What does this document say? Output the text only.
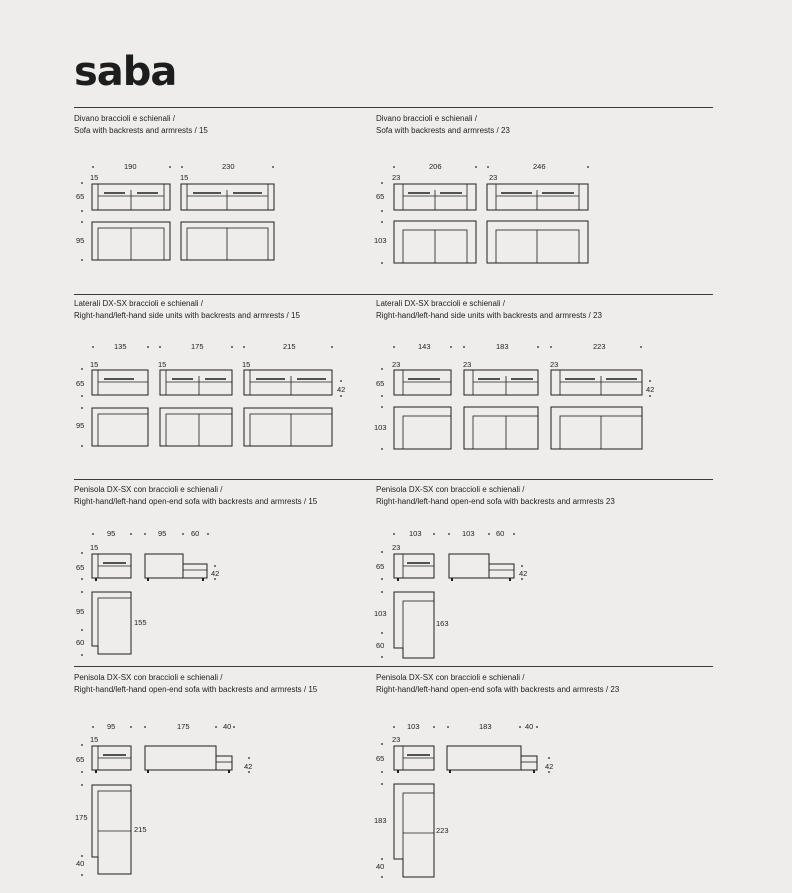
saba
Divano braccioli e schienali /
Sofa with backrests and armrests / 15
Divano braccioli e schienali /
Sofa with backrests and armrests / 23
Laterali DX-SX braccioli e schienali /
Right-hand/left-hand side units with backrests and armrests / 15
Laterali DX-SX braccioli e schienali /
Right-hand/left-hand side units with backrests and armrests / 23
Penisola DX-SX con braccioli e schienali /
Right-hand/left-hand open-end sofa with backrests and armrests / 15
Penisola DX-SX con braccioli e schienali /
Right-hand/left-hand open-end sofa with backrests and armrests 23
Penisola DX-SX con braccioli e schienali /
Right-hand/left-hand open-end sofa with backrests and armrests / 15
Penisola DX-SX con braccioli e schienali /
Right-hand/left-hand open-end sofa with backrests and armrests / 23
190	230
15	15
65
95
206	246
23	23
65
103
135	175	215
15	15	15
65
42
95
143	183	223
23	23	23
65
42
103
95	95	60
15
65
42
95
60
155
103	103	60
23
65
42
103
60
163
95	175	40
15
65
42
175
40
215
103	183	40
23
65
42
183
40
223
